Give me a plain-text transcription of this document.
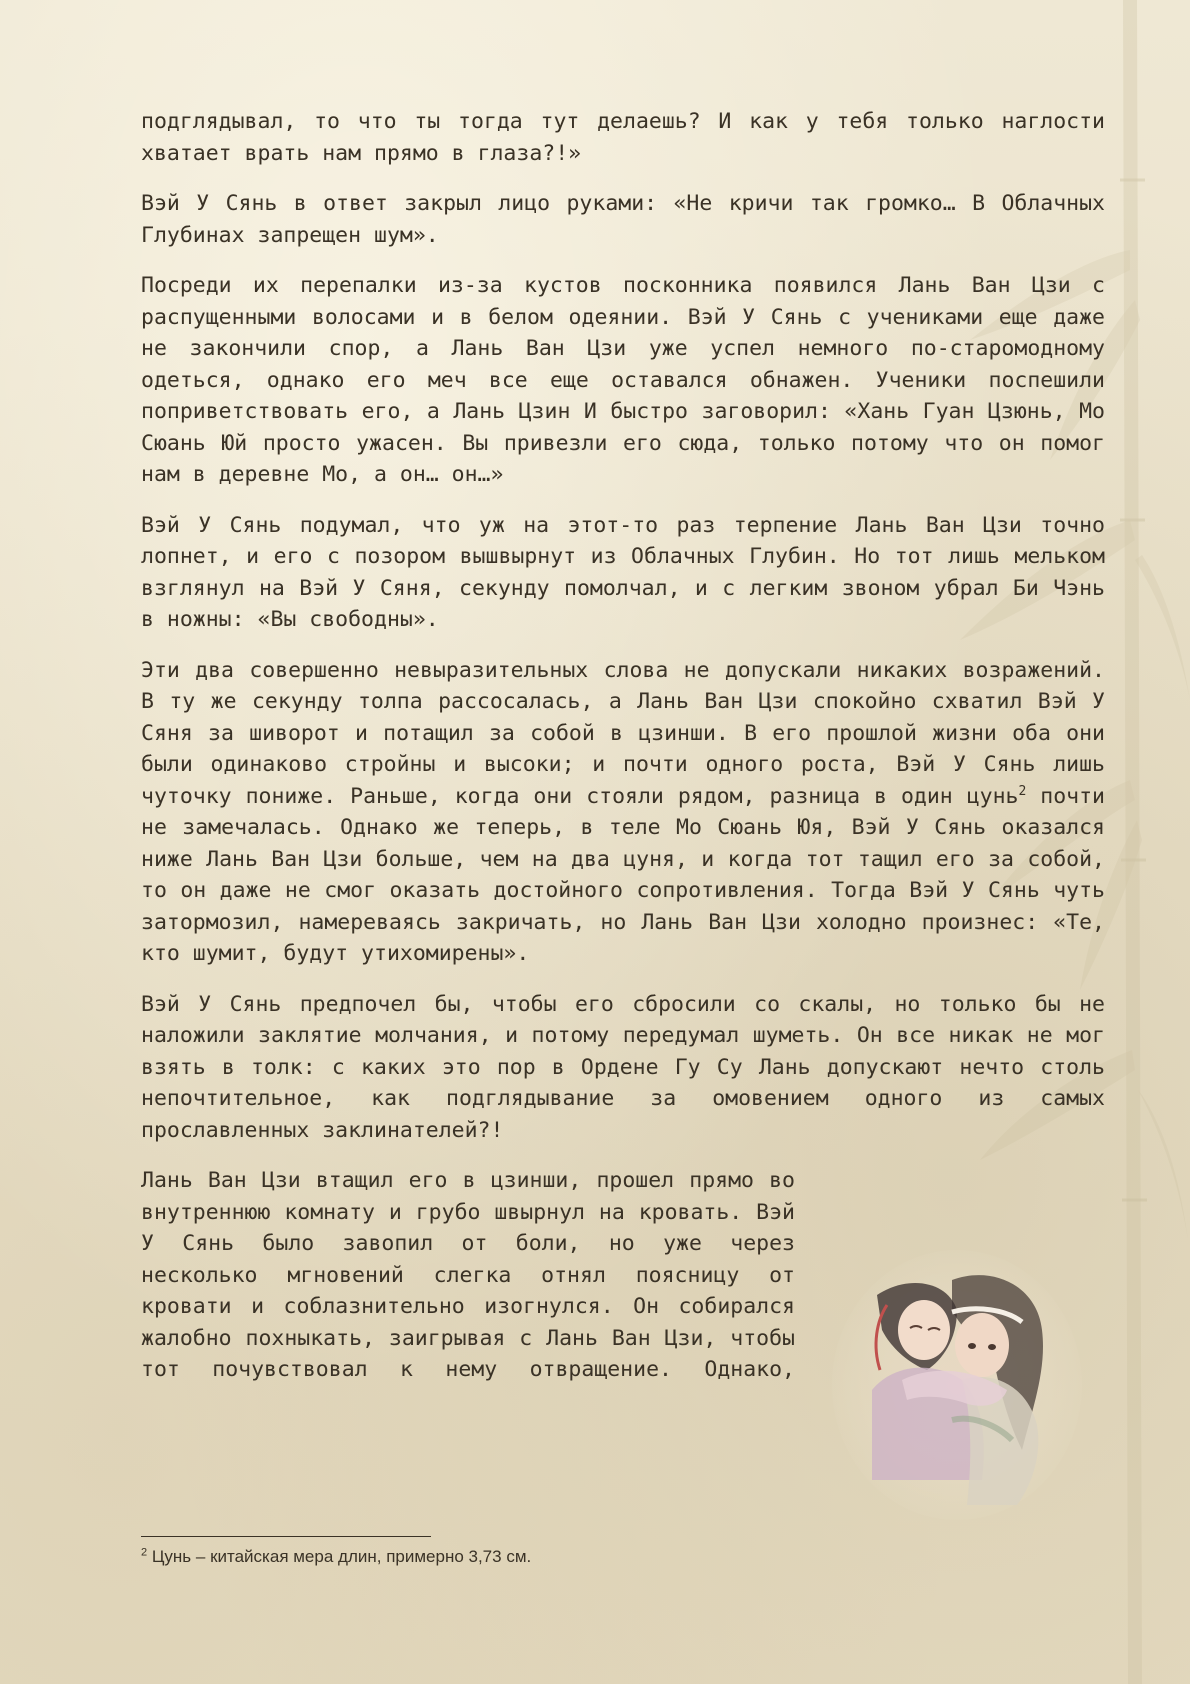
подглядывал, то что ты тогда тут делаешь? И как у тебя только наглости хватает врать нам прямо в глаза?!»

Вэй У Сянь в ответ закрыл лицо руками: «Не кричи так громко… В Облачных Глубинах запрещен шум».

Посреди их перепалки из-за кустов посконника появился Лань Ван Цзи с распущенными волосами и в белом одеянии. Вэй У Сянь с учениками еще даже не закончили спор, а Лань Ван Цзи уже успел немного по-старомодному одеться, однако его меч все еще оставался обнажен. Ученики поспешили поприветствовать его, а Лань Цзин И быстро заговорил: «Хань Гуан Цзюнь, Мо Сюань Юй просто ужасен. Вы привезли его сюда, только потому что он помог нам в деревне Мо, а он… он…»

Вэй У Сянь подумал, что уж на этот-то раз терпение Лань Ван Цзи точно лопнет, и его с позором вышвырнут из Облачных Глубин. Но тот лишь мельком взглянул на Вэй У Сяня, секунду помолчал, и с легким звоном убрал Би Чэнь в ножны: «Вы свободны».

Эти два совершенно невыразительных слова не допускали никаких возражений. В ту же секунду толпа рассосалась, а Лань Ван Цзи спокойно схватил Вэй У Сяня за шиворот и потащил за собой в цзинши. В его прошлой жизни оба они были одинаково стройны и высоки; и почти одного роста, Вэй У Сянь лишь чуточку пониже. Раньше, когда они стояли рядом, разница в один цунь$^2$ почти не замечалась. Однако же теперь, в теле Мо Сюань Юя, Вэй У Сянь оказался ниже Лань Ван Цзи больше, чем на два цуня, и когда тот тащил его за собой, то он даже не смог оказать достойного сопротивления. Тогда Вэй У Сянь чуть затормозил, намереваясь закричать, но Лань Ван Цзи холодно произнес: «Те, кто шумит, будут утихомирены».

Вэй У Сянь предпочел бы, чтобы его сбросили со скалы, но только бы не наложили заклятие молчания, и потому передумал шуметь. Он все никак не мог взять в толк: с каких это пор в Ордене Гу Су Лань допускают нечто столь непочтительное, как подглядывание за омовением одного из самых прославленных заклинателей?!

Лань Ван Цзи втащил его в цзинши, прошел прямо во внутреннюю комнату и грубо швырнул на кровать. Вэй У Сянь было завопил от боли, но уже через несколько мгновений слегка отнял поясницу от кровати и соблазнительно изогнулся. Он собирался жалобно похныкать, заигрывая с Лань Ван Цзи, чтобы тот почувствовал к нему отвращение. Однако,

$^2$ Цунь – китайская мера длин, примерно 3,73 см.
